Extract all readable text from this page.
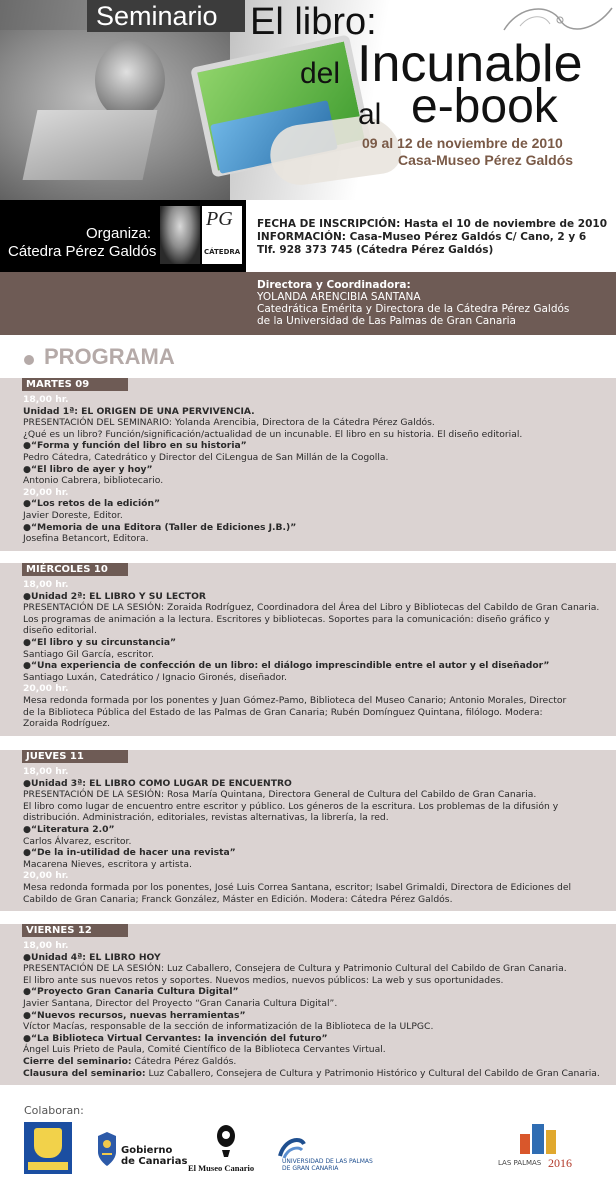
Seminario El libro:
del Incunable
al e-book
09 al 12 de noviembre de 2010
Casa-Museo Pérez Galdós
Organiza:
Cátedra Pérez Galdós
PG
CÁTEDRA
FECHA DE INSCRIPCIÓN: Hasta el 10 de noviembre de 2010
INFORMACIÓN: Casa-Museo Pérez Galdós C/ Cano, 2 y 6
Tlf. 928 373 745 (Cátedra Pérez Galdós)
Directora y Coordinadora:
YOLANDA ARENCIBIA SANTANA
Catedrática Emérita y Directora de la Cátedra Pérez Galdós
de la Universidad de Las Palmas de Gran Canaria
PROGRAMA
MARTES 09
18,00 hr.
Unidad 1ª: EL ORIGEN DE UNA PERVIVENCIA.
PRESENTACIÓN DEL SEMINARIO: Yolanda Arencibia, Directora de la Cátedra Pérez Galdós.
¿Qué es un libro? Función/significación/actualidad de un incunable. El libro en su historia. El diseño editorial.
●“Forma y función del libro en su historia”
Pedro Cátedra, Catedrático y Director del CiLengua de San Millán de la Cogolla.
●“El libro de ayer y hoy”
Antonio Cabrera, bibliotecario.
20,00 hr.
●“Los retos de la edición”
Javier Doreste, Editor.
●“Memoria de una Editora (Taller de Ediciones J.B.)”
Josefina Betancort, Editora.
MIÉRCOLES 10
18,00 hr.
●Unidad 2ª: EL LIBRO Y SU LECTOR
PRESENTACIÓN DE LA SESIÓN: Zoraida Rodríguez, Coordinadora del Área del Libro y Bibliotecas del Cabildo de Gran Canaria.
Los programas de animación a la lectura. Escritores y bibliotecas. Soportes para la comunicación: diseño gráfico y
diseño editorial.
●“El libro y su circunstancia”
Santiago Gil García, escritor.
●“Una experiencia de confección de un libro: el diálogo imprescindible entre el autor y el diseñador”
Santiago Luxán, Catedrático / Ignacio Gironés, diseñador.
20,00 hr.
Mesa redonda formada por los ponentes y Juan Gómez-Pamo, Biblioteca del Museo Canario; Antonio Morales, Director
de la Biblioteca Pública del Estado de las Palmas de Gran Canaria; Rubén Domínguez Quintana, filólogo. Modera:
Zoraida Rodríguez.
JUEVES 11
18,00 hr.
●Unidad 3ª: EL LIBRO COMO LUGAR DE ENCUENTRO
PRESENTACIÓN DE LA SESIÓN: Rosa María Quintana, Directora General de Cultura del Cabildo de Gran Canaria.
El libro como lugar de encuentro entre escritor y público. Los géneros de la escritura. Los problemas de la difusión y
distribución. Administración, editoriales, revistas alternativas, la librería, la red.
●“Literatura 2.0”
Carlos Álvarez, escritor.
●“De la in-utilidad de hacer una revista”
Macarena Nieves, escritora y artista.
20,00 hr.
Mesa redonda formada por los ponentes, José Luis Correa Santana, escritor; Isabel Grimaldi, Directora de Ediciones del
Cabildo de Gran Canaria; Franck González, Máster en Edición. Modera: Cátedra Pérez Galdós.
VIERNES 12
18,00 hr.
●Unidad 4ª: EL LIBRO HOY
PRESENTACIÓN DE LA SESIÓN: Luz Caballero, Consejera de Cultura y Patrimonio Cultural del Cabildo de Gran Canaria.
El libro ante sus nuevos retos y soportes. Nuevos medios, nuevos públicos: La web y sus oportunidades.
●“Proyecto Gran Canaria Cultura Digital”
Javier Santana, Director del Proyecto “Gran Canaria Cultura Digital”.
●“Nuevos recursos, nuevas herramientas”
Víctor Macías, responsable de la sección de informatización de la Biblioteca de la ULPGC.
●“La Biblioteca Virtual Cervantes: la invención del futuro”
Ángel Luis Prieto de Paula, Comité Científico de la Biblioteca Cervantes Virtual.
Cierre del seminario: Cátedra Pérez Galdós.
Clausura del seminario: Luz Caballero, Consejera de Cultura y Patrimonio Histórico y Cultural del Cabildo de Gran Canaria.
Colaboran:
Gobierno
de Canarias
El Museo Canario
UNIVERSIDAD DE LAS PALMAS
DE GRAN CANARIA
LAS PALMAS 2016
